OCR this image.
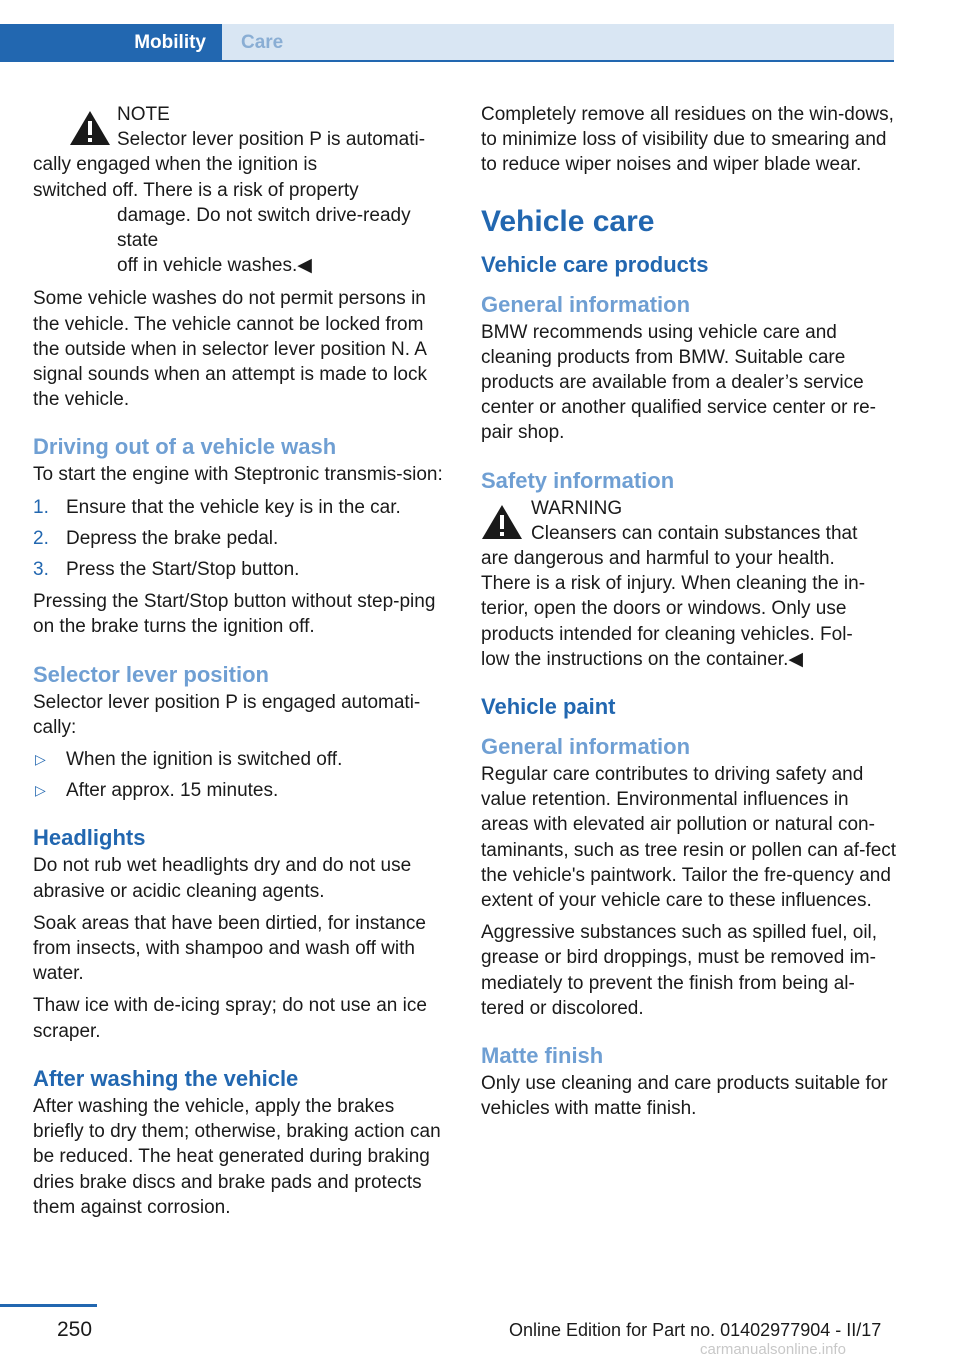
Mobility	Care
NOTE
Selector lever position P is automati-
cally engaged when the ignition is
switched off. There is a risk of property
damage. Do not switch drive-ready state
off in vehicle washes.◀

Some vehicle washes do not permit persons in the vehicle. The vehicle cannot be locked from the outside when in selector lever position N. A signal sounds when an attempt is made to lock the vehicle.

Driving out of a vehicle wash

To start the engine with Steptronic transmis-sion:

1. Ensure that the vehicle key is in the car.
2. Depress the brake pedal.
3. Press the Start/Stop button.

Pressing the Start/Stop button without step-ping on the brake turns the ignition off.

Selector lever position

Selector lever position P is engaged automati-cally:

▷ When the ignition is switched off.
▷ After approx. 15 minutes.
Headlights

Do not rub wet headlights dry and do not use abrasive or acidic cleaning agents.

Soak areas that have been dirtied, for instance from insects, with shampoo and wash off with water.

Thaw ice with de-icing spray; do not use an ice scraper.

After washing the vehicle

After washing the vehicle, apply the brakes briefly to dry them; otherwise, braking action can be reduced. The heat generated during braking dries brake discs and brake pads and protects them against corrosion.

Completely remove all residues on the win-dows, to minimize loss of visibility due to smearing and to reduce wiper noises and wiper blade wear.

Vehicle care
Vehicle care products
General information

BMW recommends using vehicle care and cleaning products from BMW. Suitable care products are available from a dealer’s service center or another qualified service center or re-pair shop.

Safety information
WARNING
Cleansers can contain substances that
are dangerous and harmful to your health.
There is a risk of injury. When cleaning the in-
terior, open the doors or windows. Only use
products intended for cleaning vehicles. Fol-
low the instructions on the container.◀
Vehicle paint
General information

Regular care contributes to driving safety and value retention. Environmental influences in areas with elevated air pollution or natural con-taminants, such as tree resin or pollen can af-fect the vehicle's paintwork. Tailor the fre-quency and extent of your vehicle care to these influences.

Aggressive substances such as spilled fuel, oil, grease or bird droppings, must be removed im-mediately to prevent the finish from being al-tered or discolored.

Matte finish

Only use cleaning and care products suitable for vehicles with matte finish.

250	Online Edition for Part no. 01402977904 - II/17
carmanualsonline.info
